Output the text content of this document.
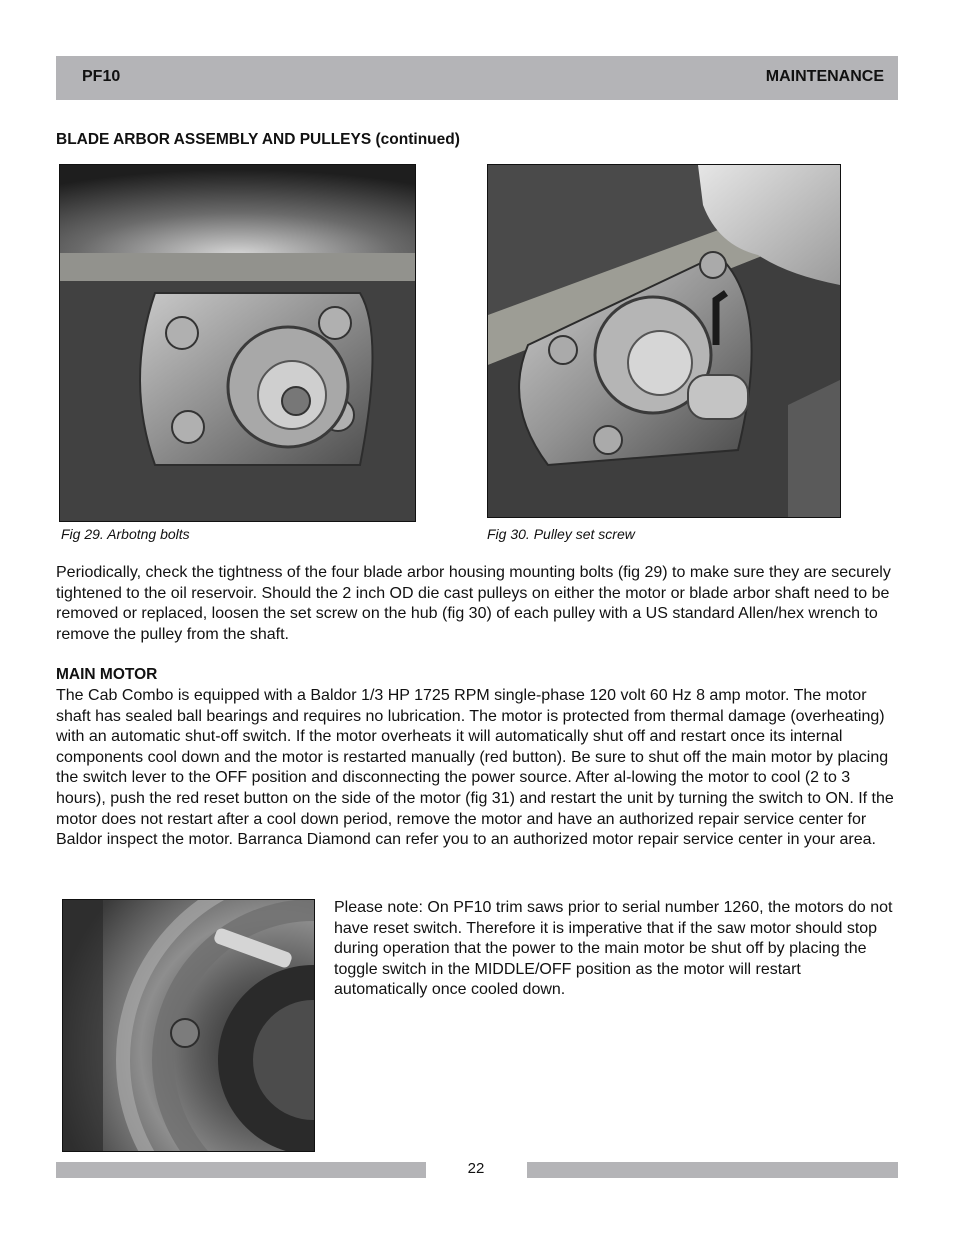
PF10	MAINTENANCE
BLADE ARBOR ASSEMBLY AND PULLEYS (continued)
Fig 29. Arbotng bolts	Fig 30. Pulley set screw

Periodically, check the tightness of the four blade arbor housing mounting bolts (fig 29) to make sure they are securely tightened to the oil reservoir. Should the 2 inch OD die cast pulleys on either the motor or blade arbor shaft need to be removed or replaced, loosen the set screw on the hub (fig 30) of each pulley with a US standard Allen/hex wrench to remove the pulley from the shaft.

MAIN MOTOR

The Cab Combo is equipped with a Baldor 1/3 HP 1725 RPM single-phase 120 volt 60 Hz 8 amp motor. The motor shaft has sealed ball bearings and requires no lubrication. The motor is protected from thermal damage (overheating) with an automatic shut-off switch. If the motor overheats it will automatically shut off and restart once its internal components cool down and the motor is restarted manually (red button). Be sure to shut off the main motor by placing the switch lever to the OFF position and disconnecting the power source. After al-lowing the motor to cool (2 to 3 hours), push the red reset button on the side of the motor (fig 31) and restart the unit by turning the switch to ON. If the motor does not restart after a cool down period, remove the motor and have an authorized repair service center for Baldor inspect the motor. Barranca Diamond can refer you to an authorized motor repair service center in your area.

Please note: On PF10 trim saws prior to serial number 1260, the motors do not have reset switch. Therefore it is imperative that if the saw motor should stop during operation that the power to the main motor be shut off by placing the toggle switch in the MIDDLE/OFF position as the motor will restart automatically once cooled down.

22
